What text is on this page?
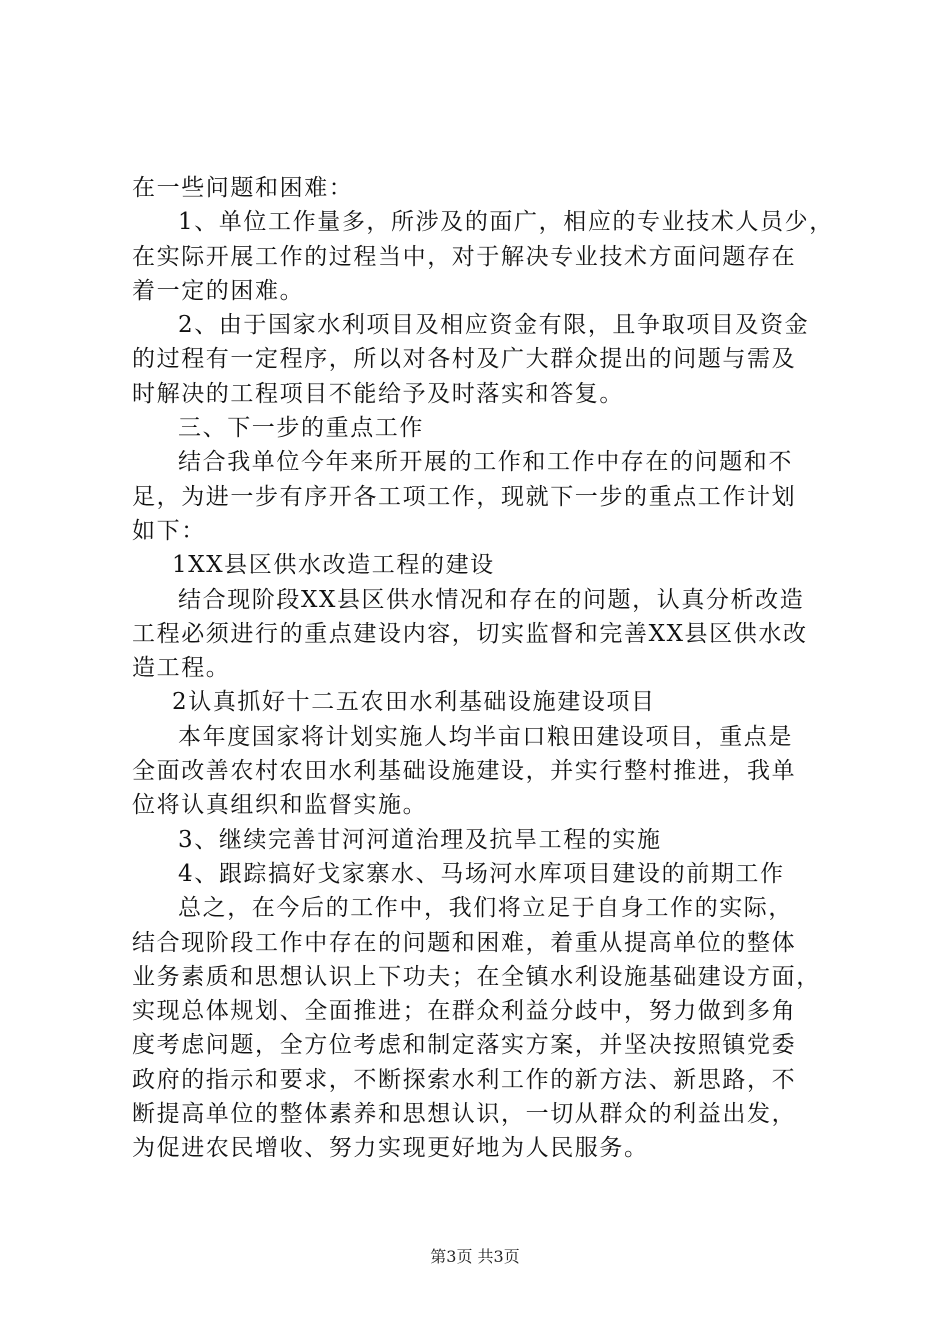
在一些问题和困难：
1、单位工作量多，所涉及的面广，相应的专业技术人员少，
在实际开展工作的过程当中，对于解决专业技术方面问题存在
着一定的困难。
2、由于国家水利项目及相应资金有限，且争取项目及资金
的过程有一定程序，所以对各村及广大群众提出的问题与需及
时解决的工程项目不能给予及时落实和答复。
三、下一步的重点工作
结合我单位今年来所开展的工作和工作中存在的问题和不
足，为进一步有序开各工项工作，现就下一步的重点工作计划
如下：
1XX县区供水改造工程的建设
结合现阶段XX县区供水情况和存在的问题，认真分析改造
工程必须进行的重点建设内容，切实监督和完善XX县区供水改
造工程。
2认真抓好十二五农田水利基础设施建设项目
本年度国家将计划实施人均半亩口粮田建设项目，重点是
全面改善农村农田水利基础设施建设，并实行整村推进，我单
位将认真组织和监督实施。
3、继续完善甘河河道治理及抗旱工程的实施
4、跟踪搞好戈家寨水、马场河水库项目建设的前期工作
总之，在今后的工作中，我们将立足于自身工作的实际，
结合现阶段工作中存在的问题和困难，着重从提高单位的整体
业务素质和思想认识上下功夫；在全镇水利设施基础建设方面，
实现总体规划、全面推进；在群众利益分歧中，努力做到多角
度考虑问题，全方位考虑和制定落实方案，并坚决按照镇党委
政府的指示和要求，不断探索水利工作的新方法、新思路，不
断提高单位的整体素养和思想认识，一切从群众的利益出发，
为促进农民增收、努力实现更好地为人民服务。
第3页 共3页
